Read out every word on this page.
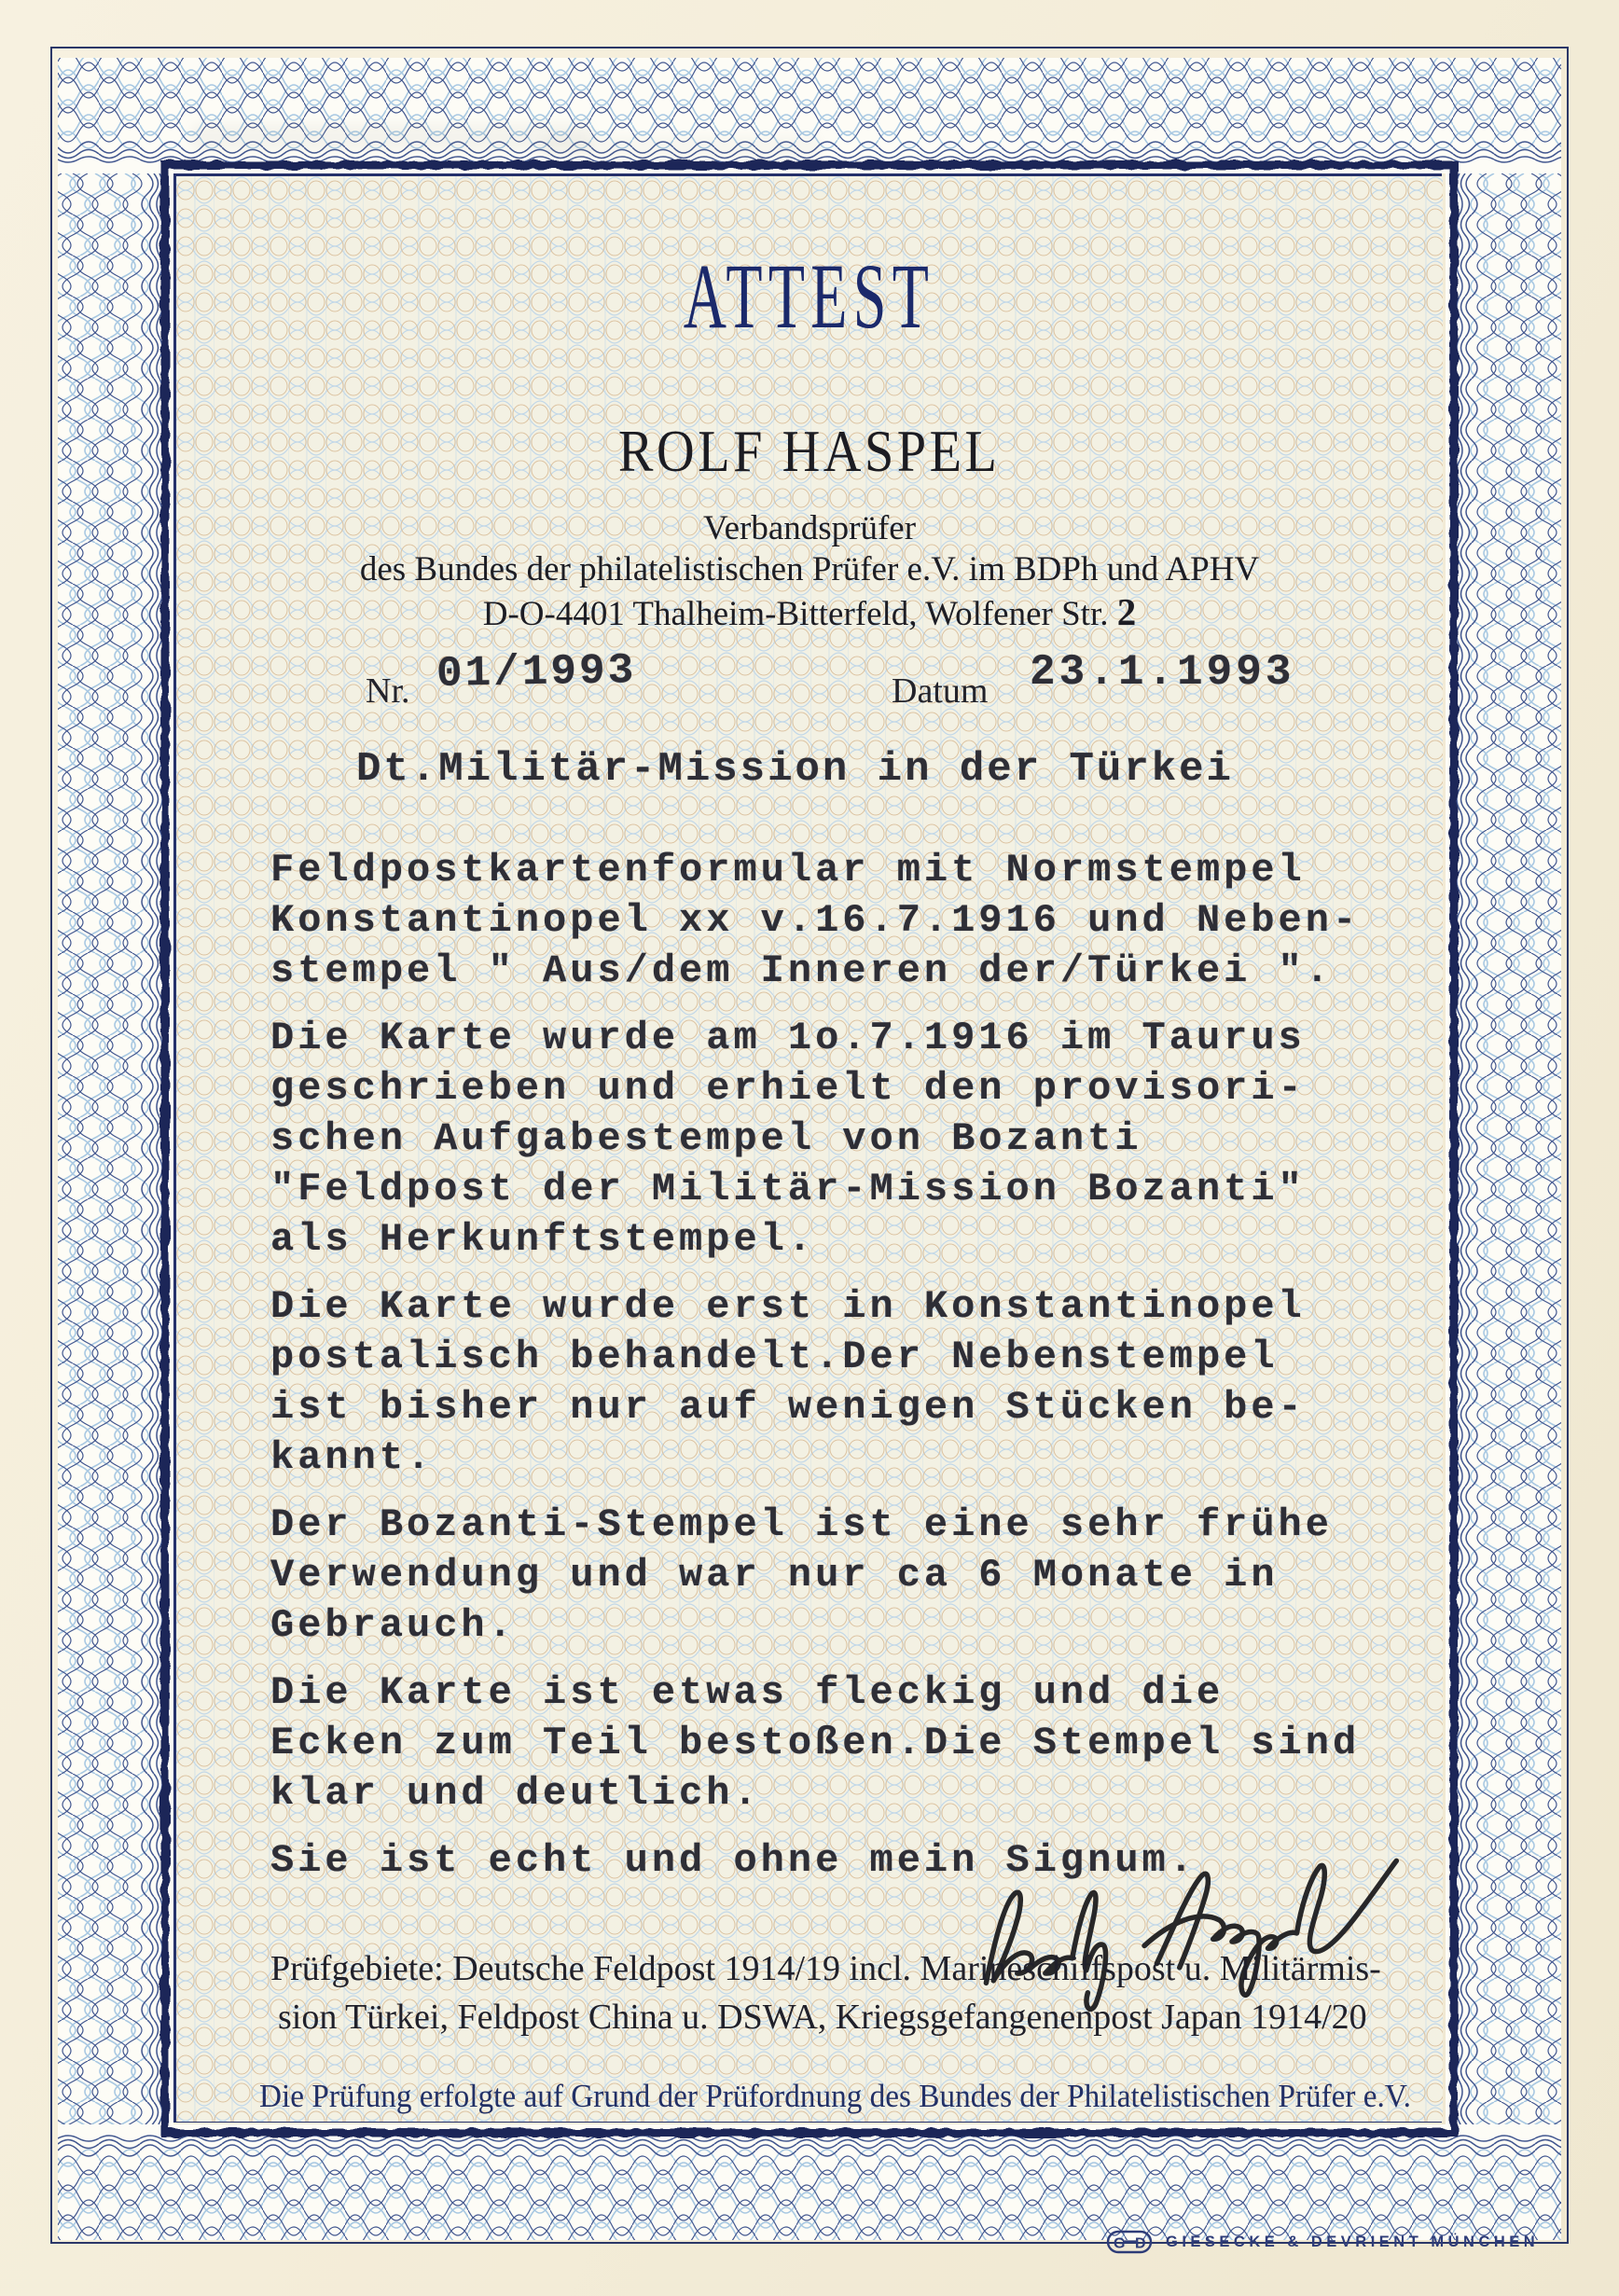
ATTEST
ROLF HASPEL
Verbandsprüfer
des Bundes der philatelistischen Prüfer e.V. im BDPh und APHV
D-O-4401 Thalheim-Bitterfeld, Wolfener Str. 2
Nr. 01/1993	Datum 23.1.1993
Dt.Militär-Mission in der Türkei
Feldpostkartenformular mit Normstempel
Konstantinopel xx v.16.7.1916 und Neben-
stempel " Aus/dem Inneren der/Türkei ".
Die Karte wurde am 1o.7.1916 im Taurus
geschrieben und erhielt den provisori-
schen Aufgabestempel von Bozanti
"Feldpost der Militär-Mission Bozanti"
als Herkunftstempel.
Die Karte wurde erst in Konstantinopel
postalisch behandelt.Der Nebenstempel
ist bisher nur auf wenigen Stücken be-
kannt.
Der Bozanti-Stempel ist eine sehr frühe
Verwendung und war nur ca 6 Monate in
Gebrauch.
Die Karte ist etwas fleckig und die
Ecken zum Teil bestoßen.Die Stempel sind
klar und deutlich.
Sie ist echt und ohne mein Signum.
Prüfgebiete: Deutsche Feldpost 1914/19 incl. Marineschiffspost u. Militärmis-
sion Türkei, Feldpost China u. DSWA, Kriegsgefangenenpost Japan 1914/20
Die Prüfung erfolgte auf Grund der Prüfordnung des Bundes der Philatelistischen Prüfer e.V.
G D GIESECKE & DEVRIENT MÜNCHEN
